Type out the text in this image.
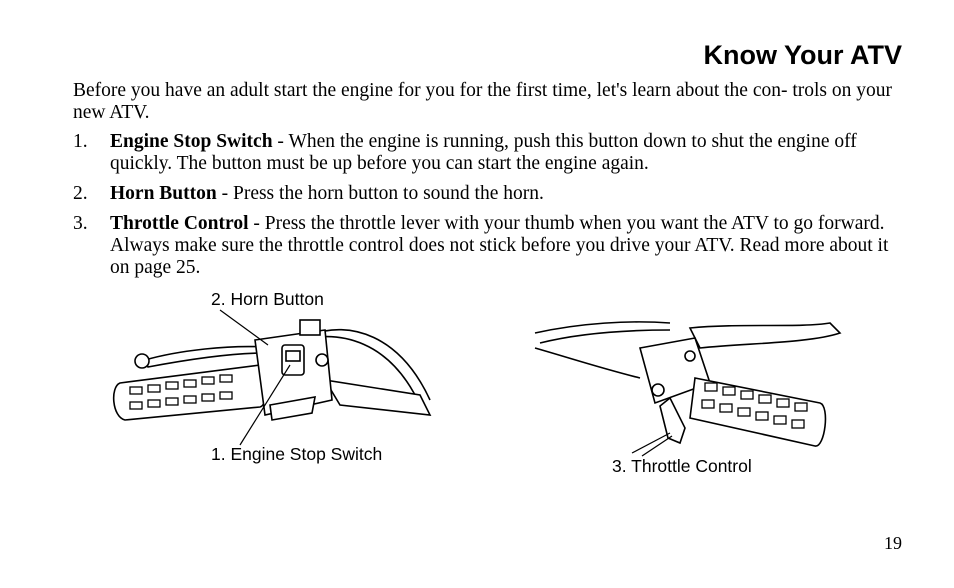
Know Your ATV

Before you have an adult start the engine for you for the first time, let's learn about the con- trols on your new ATV.

1. Engine Stop Switch - When the engine is running, push this button down to shut the engine off quickly. The button must be up before you can start the engine again.
2. Horn Button - Press the horn button to sound the horn.
3. Throttle Control - Press the throttle lever with your thumb when you want the ATV to go forward. Always make sure the throttle control does not stick before you drive your ATV. Read more about it on page 25.

2. Horn Button

1. Engine Stop Switch

3. Throttle Control

19
